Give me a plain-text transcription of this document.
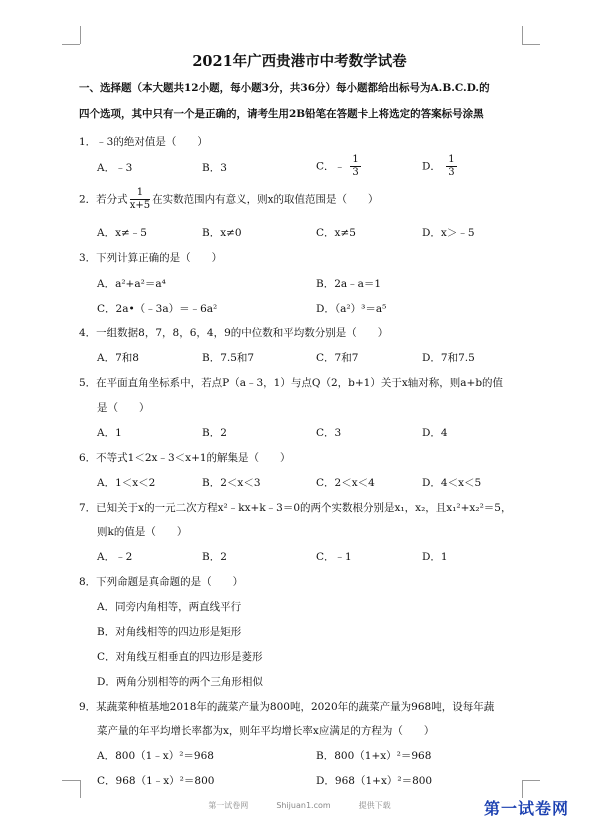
2021年广西贵港市中考数学试卷
一、选择题（本大题共12小题，每小题3分，共36分）每小题都给出标号为A.B.C.D.的
四个选项，其中只有一个是正确的，请考生用2B铅笔在答题卡上将选定的答案标号涂黑
1．﹣3的绝对值是（　　）
A．﹣3	B．3	C．﹣ $\frac{1}{3}$	D． $\frac{1}{3}$
2．若分式 $\frac{1}{x+5}$ 在实数范围内有意义，则x的取值范围是（　　）
A．x≠﹣5	B．x≠0	C．x≠5	D．x＞﹣5
3．下列计算正确的是（　　）
A．a²+a²＝a⁴	B．2a﹣a＝1
C．2a•（﹣3a）＝﹣6a²	D．（a²）³＝a⁵
4．一组数据8，7，8，6，4，9的中位数和平均数分别是（　　）
A．7和8	B．7.5和7	C．7和7	D．7和7.5
5．在平面直角坐标系中，若点P（a﹣3，1）与点Q（2，b+1）关于x轴对称，则a+b的值
是（　　）
A．1	B．2	C．3	D．4
6．不等式1＜2x﹣3＜x+1的解集是（　　）
A．1＜x＜2	B．2＜x＜3	C．2＜x＜4	D．4＜x＜5
7．已知关于x的一元二次方程x²﹣kx+k﹣3＝0的两个实数根分别是x₁，x₂，且x₁²+x₂²＝5，
则k的值是（　　）
A．﹣2	B．2	C．﹣1	D．1
8．下列命题是真命题的是（　　）
A．同旁内角相等，两直线平行
B．对角线相等的四边形是矩形
C．对角线互相垂直的四边形是菱形
D．两角分别相等的两个三角形相似
9．某蔬菜种植基地2018年的蔬菜产量为800吨，2020年的蔬菜产量为968吨，设每年蔬
菜产量的年平均增长率都为x，则年平均增长率x应满足的方程为（　　）
A．800（1﹣x）²＝968	B．800（1+x）²＝968
C．968（1﹣x）²＝800	D．968（1+x）²＝800
第一试卷网	Shijuan1.com	提供下载	第一试卷网
